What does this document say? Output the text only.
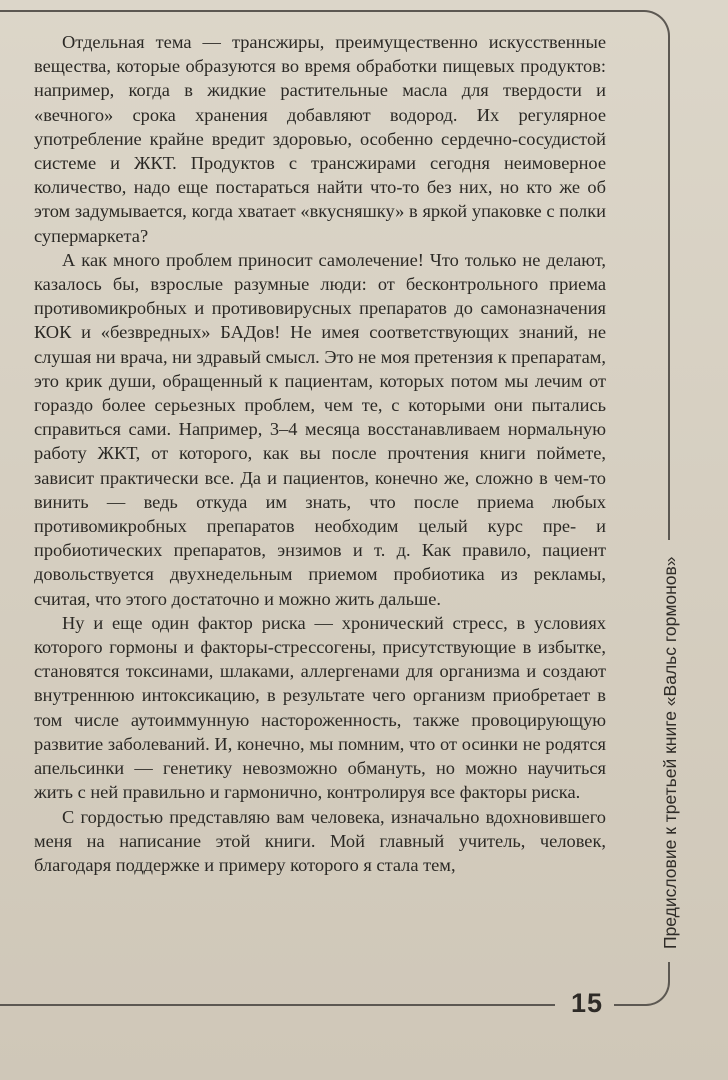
Предисловие к третьей книге «Вальс гормонов»

Отдельная тема — трансжиры, преимущественно искусственные вещества, которые образуются во время обработки пищевых продуктов: например, когда в жидкие растительные масла для твердости и «вечного» срока хранения добавляют водород. Их регулярное употребление крайне вредит здоровью, особенно сердечно-сосудистой системе и ЖКТ. Продуктов с трансжирами сегодня неимоверное количество, надо еще постараться найти что-то без них, но кто же об этом задумывается, когда хватает «вкусняшку» в яркой упаковке с полки супермаркета?

А как много проблем приносит самолечение! Что только не делают, казалось бы, взрослые разумные люди: от бесконтрольного приема противомикробных и противовирусных препаратов до самоназначения КОК и «безвредных» БАДов! Не имея соответствующих знаний, не слушая ни врача, ни здравый смысл. Это не моя претензия к препаратам, это крик души, обращенный к пациентам, которых потом мы лечим от гораздо более серьезных проблем, чем те, с которыми они пытались справиться сами. Например, 3–4 месяца восстанавливаем нормальную работу ЖКТ, от которого, как вы после прочтения книги поймете, зависит практически все. Да и пациентов, конечно же, сложно в чем-то винить — ведь откуда им знать, что после приема любых противомикробных препаратов необходим целый курс пре- и пробиотических препаратов, энзимов и т. д. Как правило, пациент довольствуется двухнедельным приемом пробиотика из рекламы, считая, что этого достаточно и можно жить дальше.

Ну и еще один фактор риска — хронический стресс, в условиях которого гормоны и факторы-стрессогены, присутствующие в избытке, становятся токсинами, шлаками, аллергенами для организма и создают внутреннюю интоксикацию, в результате чего организм приобретает в том числе аутоиммунную настороженность, также провоцирующую развитие заболеваний. И, конечно, мы помним, что от осинки не родятся апельсинки — генетику невозможно обмануть, но можно научиться жить с ней правильно и гармонично, контролируя все факторы риска.

С гордостью представляю вам человека, изначально вдохновившего меня на написание этой книги. Мой главный учитель, человек, благодаря поддержке и примеру которого я стала тем,

15
